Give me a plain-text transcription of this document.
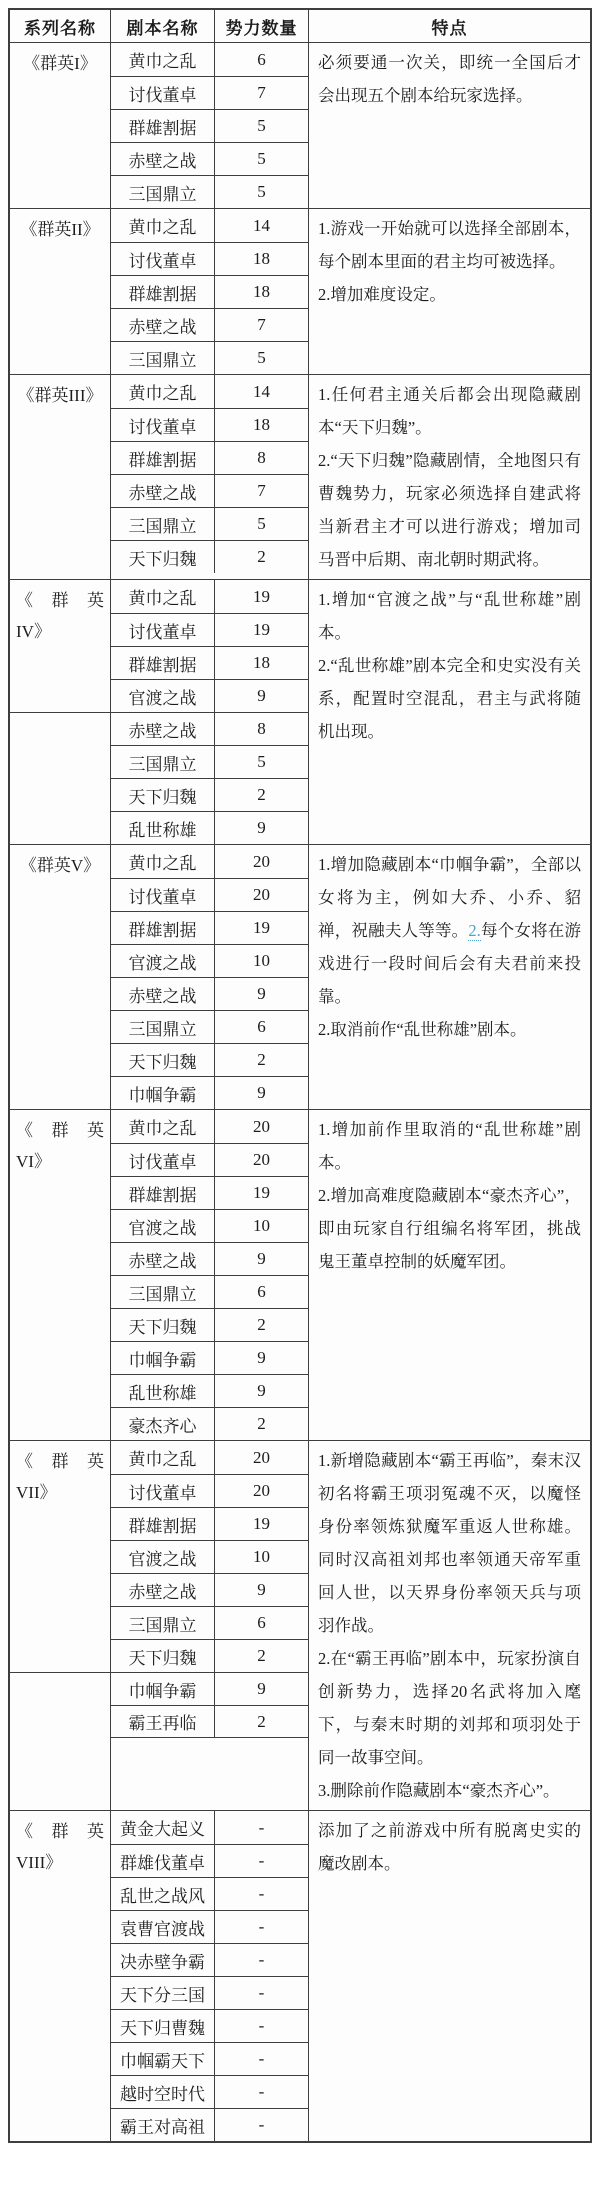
系列名称	剧本名称	势力数量	特点
《群英I》	黄巾之乱	6
讨伐董卓	7
群雄割据	5
赤壁之战	5
三国鼎立	5
必须要通一次关，即统一全国后才会出现五个剧本给玩家选择。
《群英II》	黄巾之乱	14
讨伐董卓	18
群雄割据	18
赤壁之战	7
三国鼎立	5
1.游戏一开始就可以选择全部剧本，每个剧本里面的君主均可被选择。
2.增加难度设定。
《群英III》	黄巾之乱	14
讨伐董卓	18
群雄割据	8
赤壁之战	7
三国鼎立	5
天下归魏	2
1.任何君主通关后都会出现隐藏剧本“天下归魏”。
2.“天下归魏”隐藏剧情，全地图只有曹魏势力，玩家必须选择自建武将当新君主才可以进行游戏；增加司马晋中后期、南北朝时期武将。
《 群 英
IV》
黄巾之乱	19
讨伐董卓	19
群雄割据	18
官渡之战	9
赤壁之战	8
三国鼎立	5
天下归魏	2
乱世称雄	9
1.增加“官渡之战”与“乱世称雄”剧本。
2.“乱世称雄”剧本完全和史实没有关系，配置时空混乱，君主与武将随机出现。
《群英V》	黄巾之乱	20
讨伐董卓	20
群雄割据	19
官渡之战	10
赤壁之战	9
三国鼎立	6
天下归魏	2
巾帼争霸	9
1.增加隐藏剧本“巾帼争霸”，全部以女将为主，例如大乔、小乔、貂禅，祝融夫人等等。2.每个女将在游戏进行一段时间后会有夫君前来投靠。
2.取消前作“乱世称雄”剧本。
《 群 英
VI》
黄巾之乱	20
讨伐董卓	20
群雄割据	19
官渡之战	10
赤壁之战	9
三国鼎立	6
天下归魏	2
巾帼争霸	9
乱世称雄	9
豪杰齐心	2
1.增加前作里取消的“乱世称雄”剧本。
2.增加高难度隐藏剧本“豪杰齐心”，即由玩家自行组编名将军团，挑战鬼王董卓控制的妖魔军团。
《 群 英
VII》
黄巾之乱	20
讨伐董卓	20
群雄割据	19
官渡之战	10
赤壁之战	9
三国鼎立	6
天下归魏	2
巾帼争霸	9
霸王再临	2
1.新增隐藏剧本“霸王再临”，秦末汉初名将霸王项羽冤魂不灭，以魔怪身份率领炼狱魔军重返人世称雄。同时汉高祖刘邦也率领通天帝军重回人世，以天界身份率领天兵与项羽作战。
2.在“霸王再临”剧本中，玩家扮演自创新势力，选择20名武将加入麾下，与秦末时期的刘邦和项羽处于同一故事空间。
3.删除前作隐藏剧本“豪杰齐心”。
《 群 英
VIII》
黄金大起义	-
群雄伐董卓	-
乱世之战风	-
袁曹官渡战	-
决赤壁争霸	-
天下分三国	-
天下归曹魏	-
巾帼霸天下	-
越时空时代	-
霸王对高祖	-
添加了之前游戏中所有脱离史实的魔改剧本。
